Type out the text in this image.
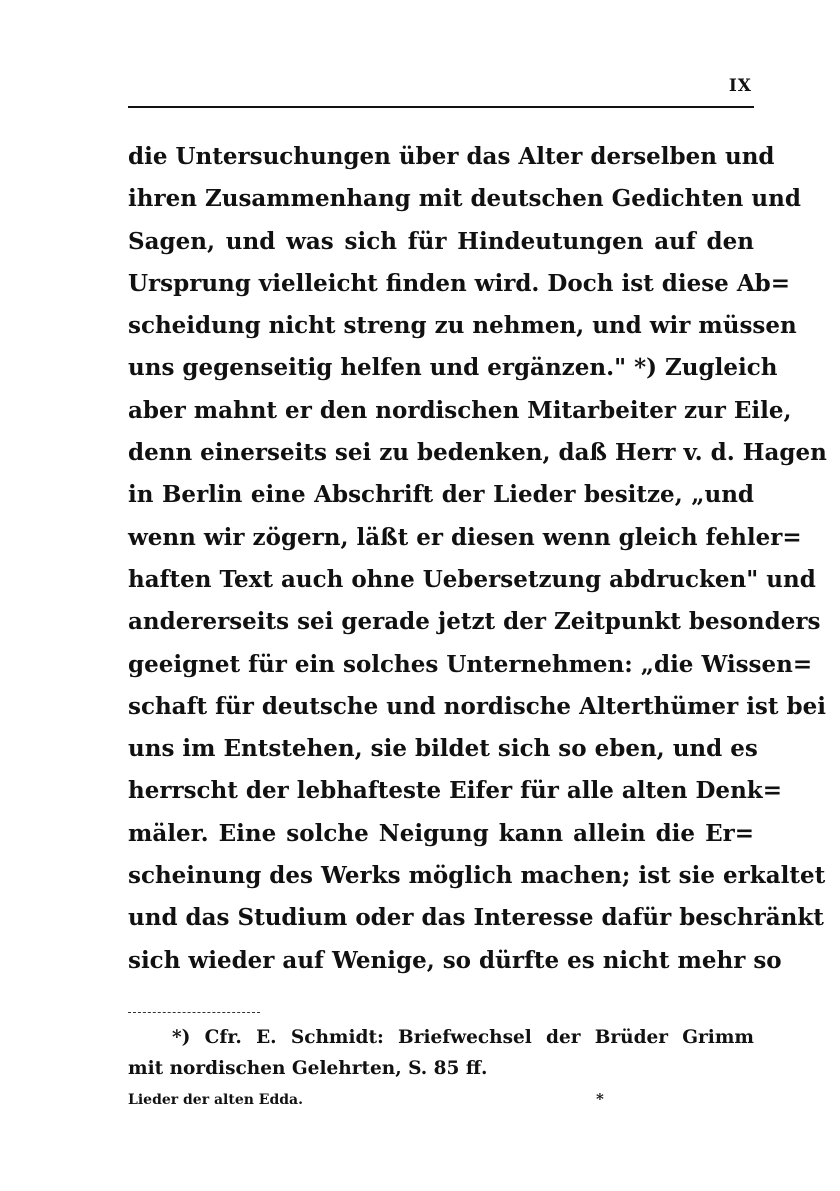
IX
die Untersuchungen über das Alter derselben und
ihren Zusammenhang mit deutschen Gedichten und
Sagen, und was sich für Hindeutungen auf den
Ursprung vielleicht finden wird. Doch ist diese Ab=
scheidung nicht streng zu nehmen, und wir müssen
uns gegenseitig helfen und ergänzen." *) Zugleich
aber mahnt er den nordischen Mitarbeiter zur Eile,
denn einerseits sei zu bedenken, daß Herr v. d. Hagen
in Berlin eine Abschrift der Lieder besitze, „und
wenn wir zögern, läßt er diesen wenn gleich fehler=
haften Text auch ohne Uebersetzung abdrucken" und
andererseits sei gerade jetzt der Zeitpunkt besonders
geeignet für ein solches Unternehmen: „die Wissen=
schaft für deutsche und nordische Alterthümer ist bei
uns im Entstehen, sie bildet sich so eben, und es
herrscht der lebhafteste Eifer für alle alten Denk=
mäler. Eine solche Neigung kann allein die Er=
scheinung des Werks möglich machen; ist sie erkaltet
und das Studium oder das Interesse dafür beschränkt
sich wieder auf Wenige, so dürfte es nicht mehr so
*) Cfr. E. Schmidt: Briefwechsel der Brüder Grimm
mit nordischen Gelehrten, S. 85 ff.
Lieder der alten Edda.	*
